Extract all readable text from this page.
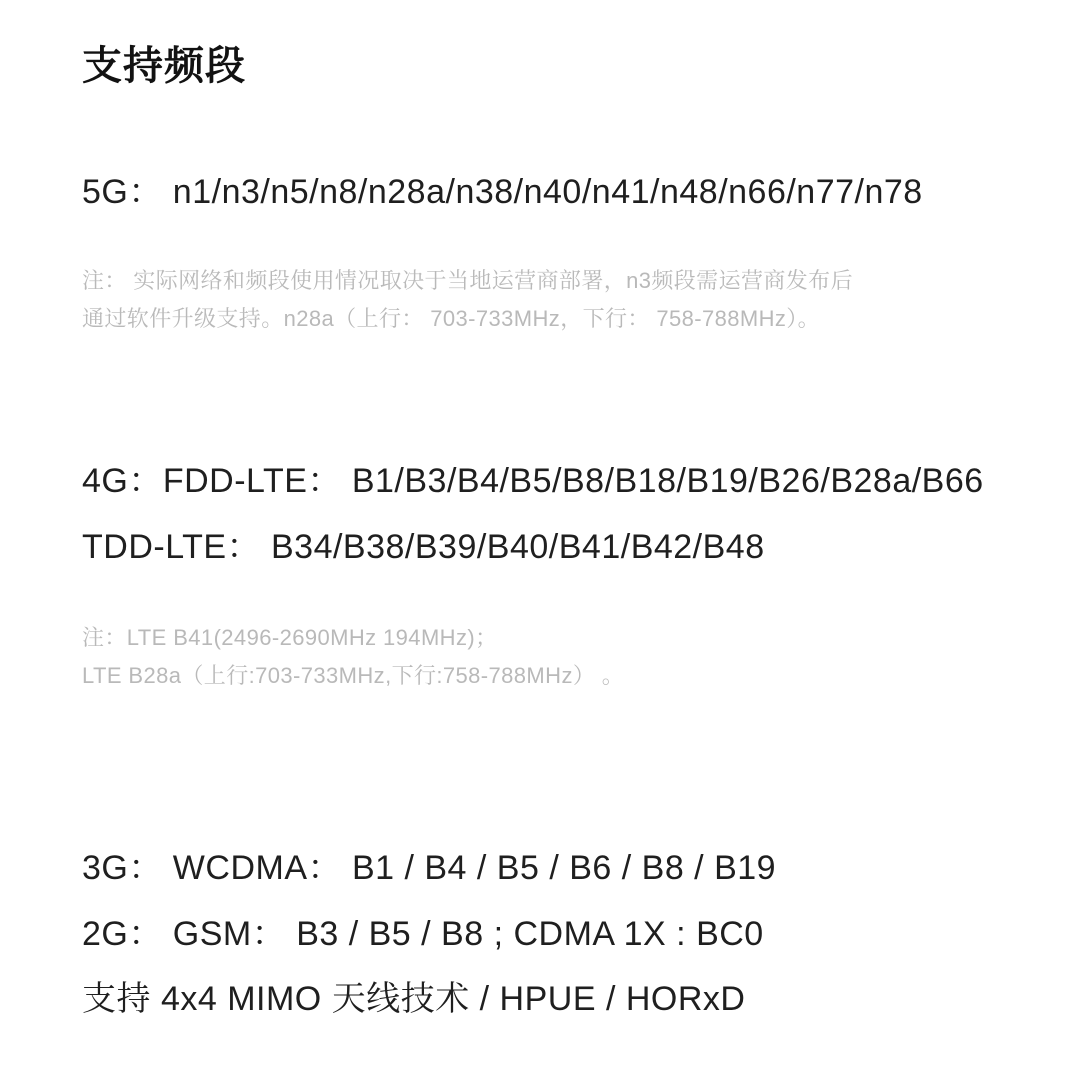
支持频段
5G： n1/n3/n5/n8/n28a/n38/n40/n41/n48/n66/n77/n78
注： 实际网络和频段使用情况取决于当地运营商部署，n3频段需运营商发布后
通过软件升级支持。n28a（上行： 703-733MHz，下行： 758-788MHz）。
4G：FDD-LTE： B1/B3/B4/B5/B8/B18/B19/B26/B28a/B66
TDD-LTE： B34/B38/B39/B40/B41/B42/B48
注：LTE B41(2496-2690MHz 194MHz)；
LTE B28a（上行:703-733MHz,下行:758-788MHz） 。
3G： WCDMA： B1 / B4 / B5 / B6 / B8 / B19
2G： GSM： B3 / B5 / B8 ; CDMA 1X : BC0
支持 4x4 MIMO 天线技术 / HPUE / HORxD
